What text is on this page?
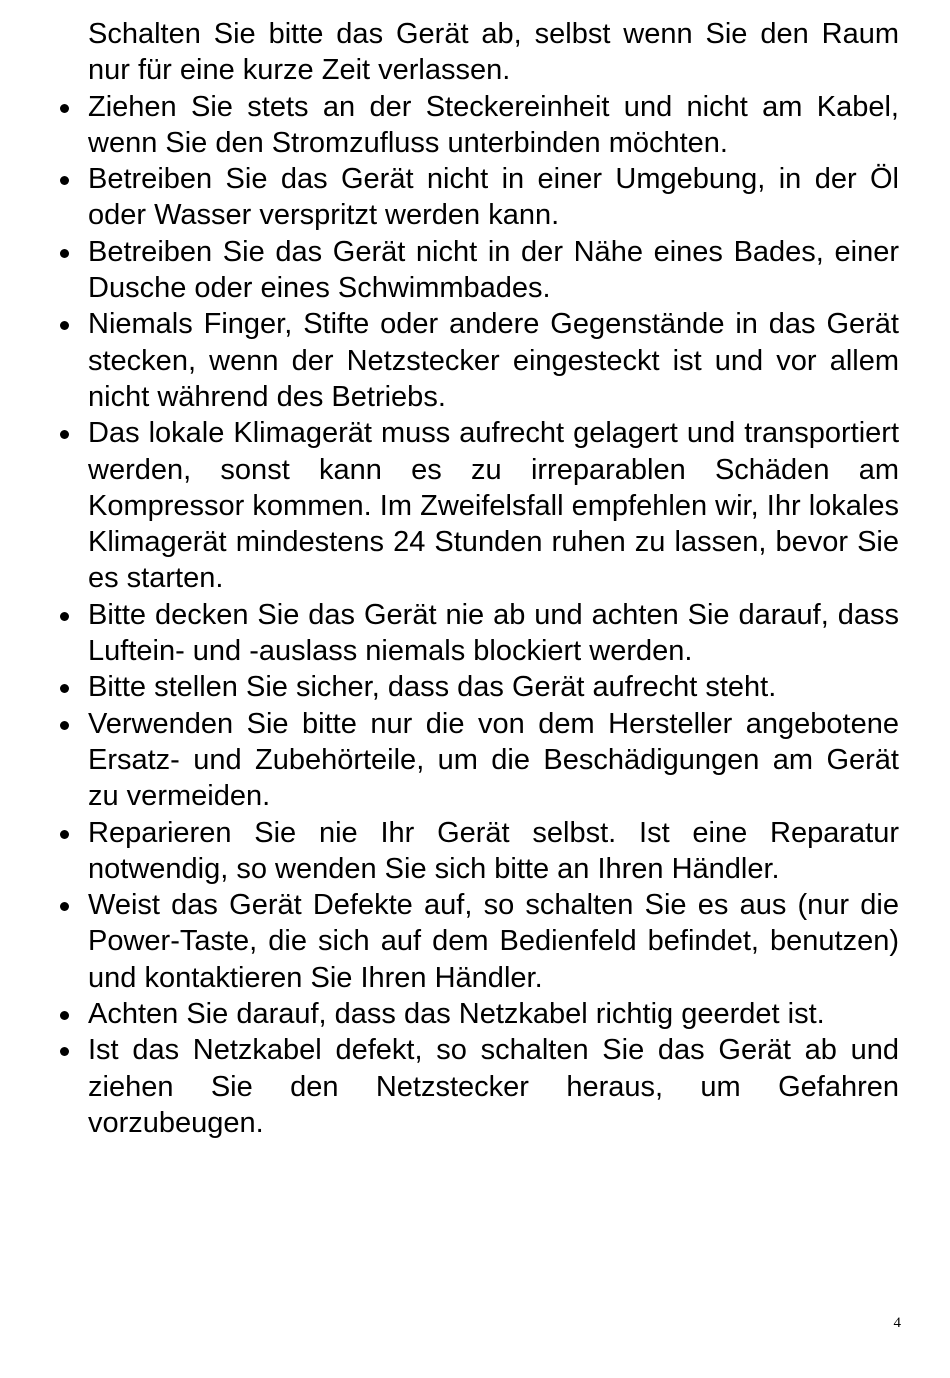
Schalten Sie bitte das Gerät ab, selbst wenn Sie den Raum nur für eine kurze Zeit verlassen.

Ziehen Sie stets an der Steckereinheit und nicht am Kabel, wenn Sie den Stromzufluss unterbinden möchten.
Betreiben Sie das Gerät nicht in einer Umgebung, in der Öl oder Wasser verspritzt werden kann.
Betreiben Sie das Gerät nicht in der Nähe eines Bades, einer Dusche oder eines Schwimmbades.
Niemals Finger, Stifte oder andere Gegenstände in das Gerät stecken, wenn der Netzstecker eingesteckt ist und vor allem nicht während des Betriebs.
Das lokale Klimagerät muss aufrecht gelagert und transportiert werden, sonst kann es zu irreparablen Schäden am Kompressor kommen. Im Zweifelsfall empfehlen wir, Ihr lokales Klimagerät mindestens 24 Stunden ruhen zu lassen, bevor Sie es starten.
Bitte decken Sie das Gerät nie ab und achten Sie darauf, dass Luftein- und -auslass niemals blockiert werden.
Bitte stellen Sie sicher, dass das Gerät aufrecht steht.
Verwenden Sie bitte nur die von dem Hersteller angebotene Ersatz- und Zubehörteile, um die Beschädigungen am Gerät zu vermeiden.
Reparieren Sie nie Ihr Gerät selbst. Ist eine Reparatur notwendig, so wenden Sie sich bitte an Ihren Händler.
Weist das Gerät Defekte auf, so schalten Sie es aus (nur die Power-Taste, die sich auf dem Bedienfeld befindet, benutzen) und kontaktieren Sie Ihren Händler.
Achten Sie darauf, dass das Netzkabel richtig geerdet ist.
Ist das Netzkabel defekt, so schalten Sie das Gerät ab und ziehen Sie den Netzstecker heraus, um Gefahren vorzubeugen.
4
